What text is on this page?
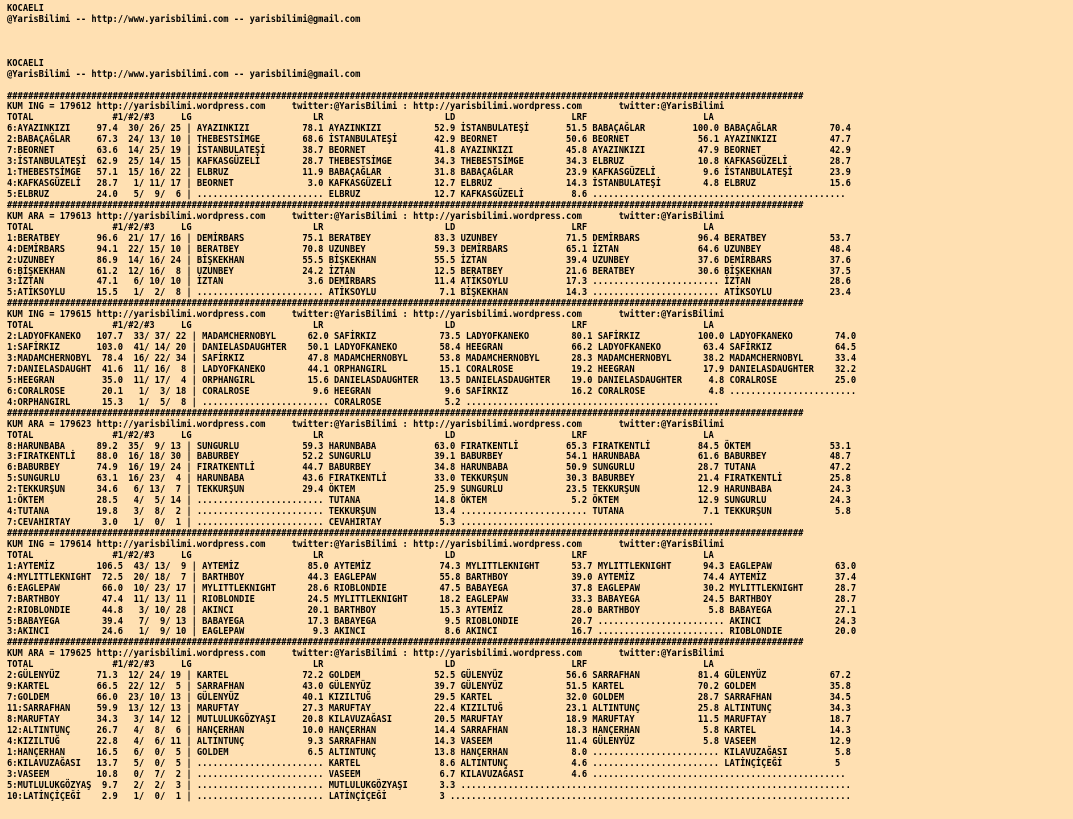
KOCAELI
@YarisBilimi -- http://www.yarisbilimi.com -- yarisbilimi@gmail.com
KOCAELI
@YarisBilimi -- http://www.yarisbilimi.com -- yarisbilimi@gmail.com
#######################################################################################################################################################
KUM ING = 179612 http://yarisbilimi.wordpress.com     twitter:@YarisBilimi : http://yarisbilimi.wordpress.com       twitter:@YarisBilimi
TOTAL               #1/#2/#3     LG                       LR                       LD                      LRF                      LA
6:AYAZINKIZI     97.4  30/ 26/ 25 | AYAZINKIZI          78.1 AYAZINKIZI          52.9 İSTANBULATEŞİ       51.5 BABAÇAĞLAR         100.0 BABAÇAĞLAR          70.4
2:BABAÇAĞLAR     67.3  24/ 13/ 10 | THEBESTSİMGE        68.6 İSTANBULATEŞİ       42.9 BEORNET             50.6 BEORNET             56.1 AYAZINKIZI          47.7
7:BEORNET        63.6  14/ 25/ 19 | İSTANBULATEŞİ       38.7 BEORNET             41.8 AYAZINKIZI          45.8 AYAZINKIZI          47.9 BEORNET             42.9
3:İSTANBULATEŞİ  62.9  25/ 14/ 15 | KAFKASGÜZELİ        28.7 THEBESTSİMGE        34.3 THEBESTSİMGE        34.3 ELBRUZ              10.8 KAFKASGÜZELİ        28.7
1:THEBESTSİMGE   57.1  15/ 16/ 22 | ELBRUZ              11.9 BABAÇAĞLAR          31.8 BABAÇAĞLAR          23.9 KAFKASGÜZELİ         9.6 İSTANBULATEŞİ       23.9
4:KAFKASGÜZELİ   28.7   1/ 11/ 17 | BEORNET              3.0 KAFKASGÜZELİ        12.7 ELBRUZ              14.3 İSTANBULATEŞİ        4.8 ELBRUZ              15.6
5:ELBRUZ         24.0   5/  9/  6 | ........................ ELBRUZ              12.7 KAFKASGÜZELİ         8.6 ................................................
#######################################################################################################################################################
KUM ARA = 179613 http://yarisbilimi.wordpress.com     twitter:@YarisBilimi : http://yarisbilimi.wordpress.com       twitter:@YarisBilimi
TOTAL               #1/#2/#3     LG                       LR                       LD                      LRF                      LA
1:BERATBEY       96.6  21/ 17/ 16 | DEMİRBARS           75.1 BERATBEY            83.3 UZUNBEY             71.5 DEMİRBARS           96.4 BERATBEY            53.7
4:DEMİRBARS      94.1  22/ 15/ 10 | BERATBEY            70.8 UZUNBEY             59.3 DEMİRBARS           65.1 İZTAN               64.6 UZUNBEY             48.4
2:UZUNBEY        86.9  14/ 16/ 24 | BİŞKEKHAN           55.5 BİŞKEKHAN           55.5 İZTAN               39.4 UZUNBEY             37.6 DEMİRBARS           37.6
6:BİŞKEKHAN      61.2  12/ 16/  8 | UZUNBEY             24.2 İZTAN               12.5 BERATBEY            21.6 BERATBEY            30.6 BİŞKEKHAN           37.5
3:İZTAN          47.1   6/ 10/ 10 | İZTAN                3.6 DEMİRBARS           11.4 ATİKSOYLU           17.3 ........................ İZTAN               28.6
5:ATİKSOYLU      15.5   1/  2/  8 | ........................ ATİKSOYLU            7.1 BİŞKEKHAN           14.3 ........................ ATİKSOYLU           23.4
#######################################################################################################################################################
KUM ING = 179615 http://yarisbilimi.wordpress.com     twitter:@YarisBilimi : http://yarisbilimi.wordpress.com       twitter:@YarisBilimi
TOTAL               #1/#2/#3     LG                       LR                       LD                      LRF                      LA
2:LADYOFKANEKO   107.7  33/ 37/ 22 | MADAMCHERNOBYL      62.0 SAFİRKIZ            73.5 LADYOFKANEKO        80.1 SAFİRKIZ           100.0 LADYOFKANEKO        74.0
1:SAFİRKIZ       103.0  41/ 14/ 20 | DANIELASDAUGHTER    50.1 LADYOFKANEKO        58.4 HEEGRAN             66.2 LADYOFKANEKO        63.4 SAFİRKIZ            64.5
3:MADAMCHERNOBYL  78.4  16/ 22/ 34 | SAFİRKIZ            47.8 MADAMCHERNOBYL      53.8 MADAMCHERNOBYL      28.3 MADAMCHERNOBYL      38.2 MADAMCHERNOBYL      33.4
7:DANIELASDAUGHT  41.6  11/ 16/  8 | LADYOFKANEKO        44.1 ORPHANGIRL          15.1 CORALROSE           19.2 HEEGRAN             17.9 DANIELASDAUGHTER    32.2
5:HEEGRAN         35.0  11/ 17/  4 | ORPHANGIRL          15.6 DANIELASDAUGHTER    13.5 DANIELASDAUGHTER    19.0 DANIELASDAUGHTER     4.8 CORALROSE           25.0
6:CORALROSE       20.1   1/  3/ 18 | CORALROSE            9.6 HEEGRAN              9.6 SAFİRKIZ            16.2 CORALROSE            4.8 ........................
4:ORPHANGIRL      15.3   1/  5/  8 | ........................ CORALROSE            5.2 ................................................
#######################################################################################################################################################
KUM ARA = 179623 http://yarisbilimi.wordpress.com     twitter:@YarisBilimi : http://yarisbilimi.wordpress.com       twitter:@YarisBilimi
TOTAL               #1/#2/#3     LG                       LR                       LD                      LRF                      LA
8:HARUNBABA      89.2  35/  9/ 13 | SUNGURLU            59.3 HARUNBABA           63.0 FIRATKENTLİ         65.3 FIRATKENTLİ         84.5 ÖKTEM               53.1
3:FIRATKENTLİ    88.0  16/ 18/ 30 | BABURBEY            52.2 SUNGURLU            39.1 BABURBEY            54.1 HARUNBABA           61.6 BABURBEY            48.7
6:BABURBEY       74.9  16/ 19/ 24 | FIRATKENTLİ         44.7 BABURBEY            34.8 HARUNBABA           50.9 SUNGURLU            28.7 TUTANA              47.2
5:SUNGURLU       63.1  16/ 23/  4 | HARUNBABA           43.6 FIRATKENTLİ         33.0 TEKKURŞUN           30.3 BABURBEY            21.4 FIRATKENTLİ         25.8
2:TEKKURŞUN      34.6   6/ 13/  7 | TEKKURŞUN           29.4 ÖKTEM               25.9 SUNGURLU            23.5 TEKKURŞUN           12.9 HARUNBABA           24.3
1:ÖKTEM          28.5   4/  5/ 14 | ........................ TUTANA              14.8 ÖKTEM                5.2 ÖKTEM               12.9 SUNGURLU            24.3
4:TUTANA         19.8   3/  8/  2 | ........................ TEKKURŞUN           13.4 ........................ TUTANA               7.1 TEKKURŞUN            5.8
7:CEVAHIRTAY      3.0   1/  0/  1 | ........................ CEVAHIRTAY           5.3 ................................................
#######################################################################################################################################################
KUM ING = 179614 http://yarisbilimi.wordpress.com     twitter:@YarisBilimi : http://yarisbilimi.wordpress.com       twitter:@YarisBilimi
TOTAL               #1/#2/#3     LG                       LR                       LD                      LRF                      LA
1:AYTEMİZ        106.5  43/ 13/  9 | AYTEMİZ             85.0 AYTEMİZ             74.3 MYLITTLEKNIGHT      53.7 MYLITTLEKNIGHT      94.3 EAGLEPAW            63.0
4:MYLITTLEKNIGHT  72.5  20/ 18/  7 | BARTHBOY            44.3 EAGLEPAW            55.8 BARTHBOY            39.0 AYTEMİZ             74.4 AYTEMİZ             37.4
6:EAGLEPAW        66.0  10/ 23/ 17 | MYLITTLEKNIGHT      28.6 RIOBLONDIE          47.5 BABAYEGA            37.8 EAGLEPAW            30.2 MYLITTLEKNIGHT      28.7
7:BARTHBOY        47.4  11/ 13/ 11 | RIOBLONDIE          24.5 MYLITTLEKNIGHT      18.2 EAGLEPAW            33.3 BABAYEGA            24.5 BARTHBOY            28.7
2:RIOBLONDIE      44.8   3/ 10/ 28 | AKINCI              20.1 BARTHBOY            15.3 AYTEMİZ             28.0 BARTHBOY             5.8 BABAYEGA            27.1
5:BABAYEGA        39.4   7/  9/ 13 | BABAYEGA            17.3 BABAYEGA             9.5 RIOBLONDIE          20.7 ........................ AKINCI              24.3
3:AKINCI          24.6   1/  9/ 10 | EAGLEPAW             9.3 AKINCI               8.6 AKINCI              16.7 ........................ RIOBLONDIE          20.0
#######################################################################################################################################################
KUM ARA = 179625 http://yarisbilimi.wordpress.com     twitter:@YarisBilimi : http://yarisbilimi.wordpress.com       twitter:@YarisBilimi
TOTAL               #1/#2/#3     LG                       LR                       LD                      LRF                      LA
2:GÜLENYÜZ       71.3  12/ 24/ 19 | KARTEL              72.2 GOLDEM              52.5 GÜLENYÜZ            56.6 SARRAFHAN           81.4 GÜLENYÜZ            67.2
9:KARTEL         66.5  22/ 12/  5 | SARRAFHAN           43.0 GÜLENYÜZ            39.7 GÜLENYÜZ            51.5 KARTEL              70.2 GOLDEM              35.8
7:GOLDEM         66.0  23/ 10/ 13 | GÜLENYÜZ            40.1 KIZILTUĞ            29.5 KARTEL              32.0 GOLDEM              28.7 SARRAFHAN           34.5
11:SARRAFHAN     59.9  13/ 12/ 13 | MARUFTAY            27.3 MARUFTAY            22.4 KIZILTUĞ            23.1 ALTINTUNÇ           25.8 ALTINTUNÇ           34.3
8:MARUFTAY       34.3   3/ 14/ 12 | MUTLULUKGÖZYAŞI     20.8 KILAVUZAĞASI        20.5 MARUFTAY            18.9 MARUFTAY            11.5 MARUFTAY            18.7
12:ALTINTUNÇ     26.7   4/  8/  6 | HANÇERHAN           10.0 HANÇERHAN           14.4 SARRAFHAN           18.3 HANÇERHAN            5.8 KARTEL              14.3
4:KIZILTUĞ       22.8   4/  6/ 11 | ALTINTUNÇ            9.3 SARRAFHAN           14.3 VASEEM              11.4 GÜLENYÜZ             5.8 VASEEM              12.9
1:HANÇERHAN      16.5   6/  0/  5 | GOLDEM               6.5 ALTINTUNÇ           13.8 HANÇERHAN            8.0 ........................ KILAVUZAĞASI         5.8
6:KILAVUZAĞASI   13.7   5/  0/  5 | ........................ KARTEL               8.6 ALTINTUNÇ            4.6 ........................ LATİNÇİÇEĞİ          5
3:VASEEM         10.8   0/  7/  2 | ........................ VASEEM               6.7 KILAVUZAĞASI         4.6 ................................................
5:MUTLULUKGÖZYAŞ  9.7   2/  2/  3 | ........................ MUTLULUKGÖZYAŞI      3.3 ..........................................................................
10:LATİNÇİÇEĞİ    2.9   1/  0/  1 | ........................ LATİNÇİÇEĞİ          3 ............................................................................
